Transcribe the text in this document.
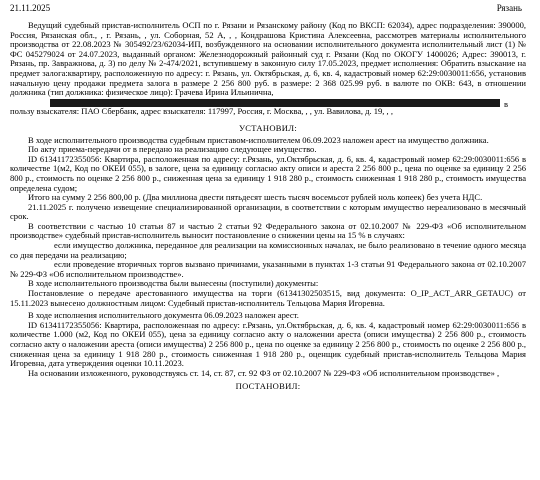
21.11.2025	Рязань

Ведущий судебный пристав-исполнитель ОСП по г. Рязани и Рязанскому району (Код по ВКСП: 62034), адрес подразделения: 390000, Россия, Рязанская обл., , г. Рязань, , ул. Соборная, 52 А, , , Кондрашова Кристина Алексеевна, рассмотрев материалы исполнительного производства от 22.08.2023 № 305492/23/62034-ИП, возбужденного на основании исполнительного документа исполнительный лист (1) № ФС 045279024 от 24.07.2023, выданный органом: Железнодорожный районный суд г. Рязани (Код по ОКОГУ 1400026; Адрес: 390013, г. Рязань, пр. Завражнова, д. 3) по делу № 2-474/2021, вступившему в законную силу 17.05.2023, предмет исполнения: Обратить взыскание на предмет залога:квартиру, расположенную по адресу: г. Рязань, ул. Октябрьская, д. 6, кв. 4, кадастровый номер 62:29:0030011:656, установив начальную цену продажи предмета залога в размере 2 256 800 руб. в размере: 2 368 025.99 руб. в валюте по ОКВ: 643, в отношении должника (тип должника: физическое лицо): Грачева Ирина Ильинична,

в

пользу взыскателя: ПАО Сбербанк, адрес взыскателя: 117997, Россия, г. Москва, , , ул. Вавилова, д. 19, , ,

УСТАНОВИЛ:

В ходе исполнительного производства судебным приставом-исполнителем 06.09.2023 наложен арест на имущество должника.

По акту приема-передачи от в передано на реализацию следующее имущество.

ID 61341172355056: Квартира, расположенная по адресу: г.Рязань, ул.Октябрьская, д. 6, кв. 4, кадастровый номер 62:29:0030011:656 в количестве 1(м2, Код по ОКЕИ 055), в залоге, цена за единицу согласно акту описи и ареста 2 256 800 р., цена по оценке за единицу 2 256 800 р., стоимость по оценке 2 256 800 р., сниженная цена за единицу 1 918 280 р., стоимость сниженная 1 918 280 р., стоимость имущества определена судом;

Итого на сумму 2 256 800,00 р. (Два миллиона двести пятьдесят шесть тысяч восемьсот рублей ноль копеек) без учета НДС.

21.11.2025 г. получено извещение специализированной организации, в соответствии с которым имущество нереализовано в месячный срок.

В соответствии с частью 10 статьи 87 и частью 2 статьи 92 Федерального закона от 02.10.2007 № 229-ФЗ «Об исполнительном производстве» судебный пристав-исполнитель выносит постановление о снижении цены на 15 % в случаях:

если имущество должника, переданное для реализации на комиссионных началах, не было реализовано в течение одного месяца со дня передачи на реализацию;

если проведение вторичных торгов вызвано причинами, указанными в пунктах 1-3 статьи 91 Федерального закона от 02.10.2007 № 229-ФЗ «Об исполнительном производстве».

В ходе исполнительного производства были вынесены (поступили) документы:

Постановление о передаче арестованного имущества на торги (61341302503515, вид документа: O_IP_ACT_ARR_GETAUC) от 15.11.2023 вынесено должностным лицом: Судебный пристав-исполнитель Тельцова Мария Игоревна.

В ходе исполнения исполнительного документа 06.09.2023 наложен арест.

ID 61341172355056: Квартира, расположенная по адресу: г.Рязань, ул.Октябрьская, д. 6, кв. 4, кадастровый номер 62:29:0030011:656 в количестве 1.000 (м2, Код по ОКЕИ 055), цена за единицу согласно акту о наложении ареста (описи имущества) 2 256 800 р., стоимость согласно акту о наложении ареста (описи имущества) 2 256 800 р., цена по оценке за единицу 2 256 800 р., стоимость по оценке 2 256 800 р., сниженная цена за единицу 1 918 280 р., стоимость сниженная 1 918 280 р., оценщик судебный пристав-исполнитель Тельцова Мария Игоревна, дата утверждения оценки 10.11.2023.

На основании изложенного, руководствуясь ст. 14, ст. 87, ст. 92 ФЗ от 02.10.2007 № 229-ФЗ «Об исполнительном производстве» ,

ПОСТАНОВИЛ:
